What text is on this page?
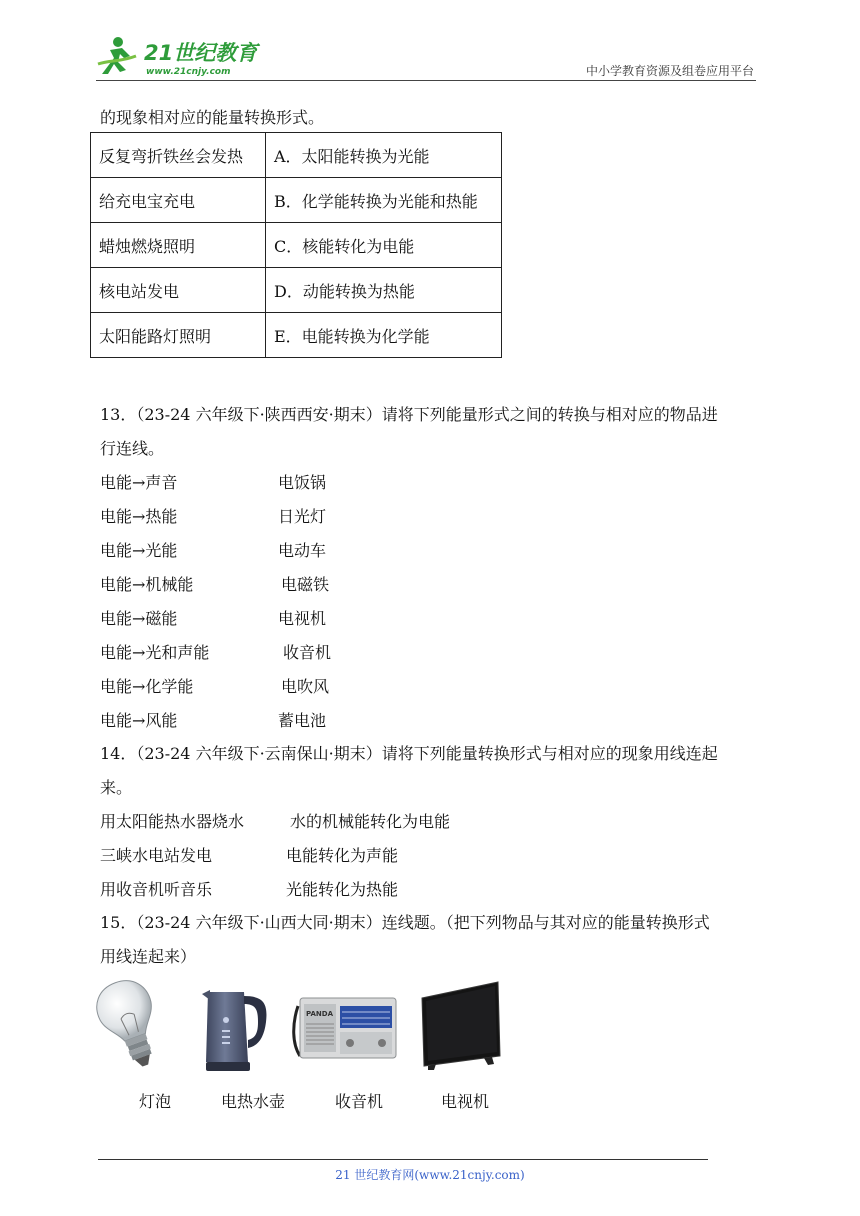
21世纪教育
www.21cnjy.com	中小学教育资源及组卷应用平台
的现象相对应的能量转换形式。
反复弯折铁丝会发热	A．太阳能转换为光能
给充电宝充电	B．化学能转换为光能和热能
蜡烛燃烧照明	C．核能转化为电能
核电站发电	D．动能转换为热能
太阳能路灯照明	E．电能转换为化学能
13．（23-24 六年级下·陕西西安·期末）请将下列能量形式之间的转换与相对应的物品进
行连线。
电能→声音	电饭锅
电能→热能	日光灯
电能→光能	电动车
电能→机械能	电磁铁
电能→磁能	电视机
电能→光和声能	收音机
电能→化学能	电吹风
电能→风能	蓄电池
14．（23-24 六年级下·云南保山·期末）请将下列能量转换形式与相对应的现象用线连起
来。
用太阳能热水器烧水	水的机械能转化为电能
三峡水电站发电	电能转化为声能
用收音机听音乐	光能转化为热能
15．（23-24 六年级下·山西大同·期末）连线题。（把下列物品与其对应的能量转换形式
用线连起来）
PANDA
灯泡	电热水壶	收音机	电视机
21 世纪教育网(www.21cnjy.com)
